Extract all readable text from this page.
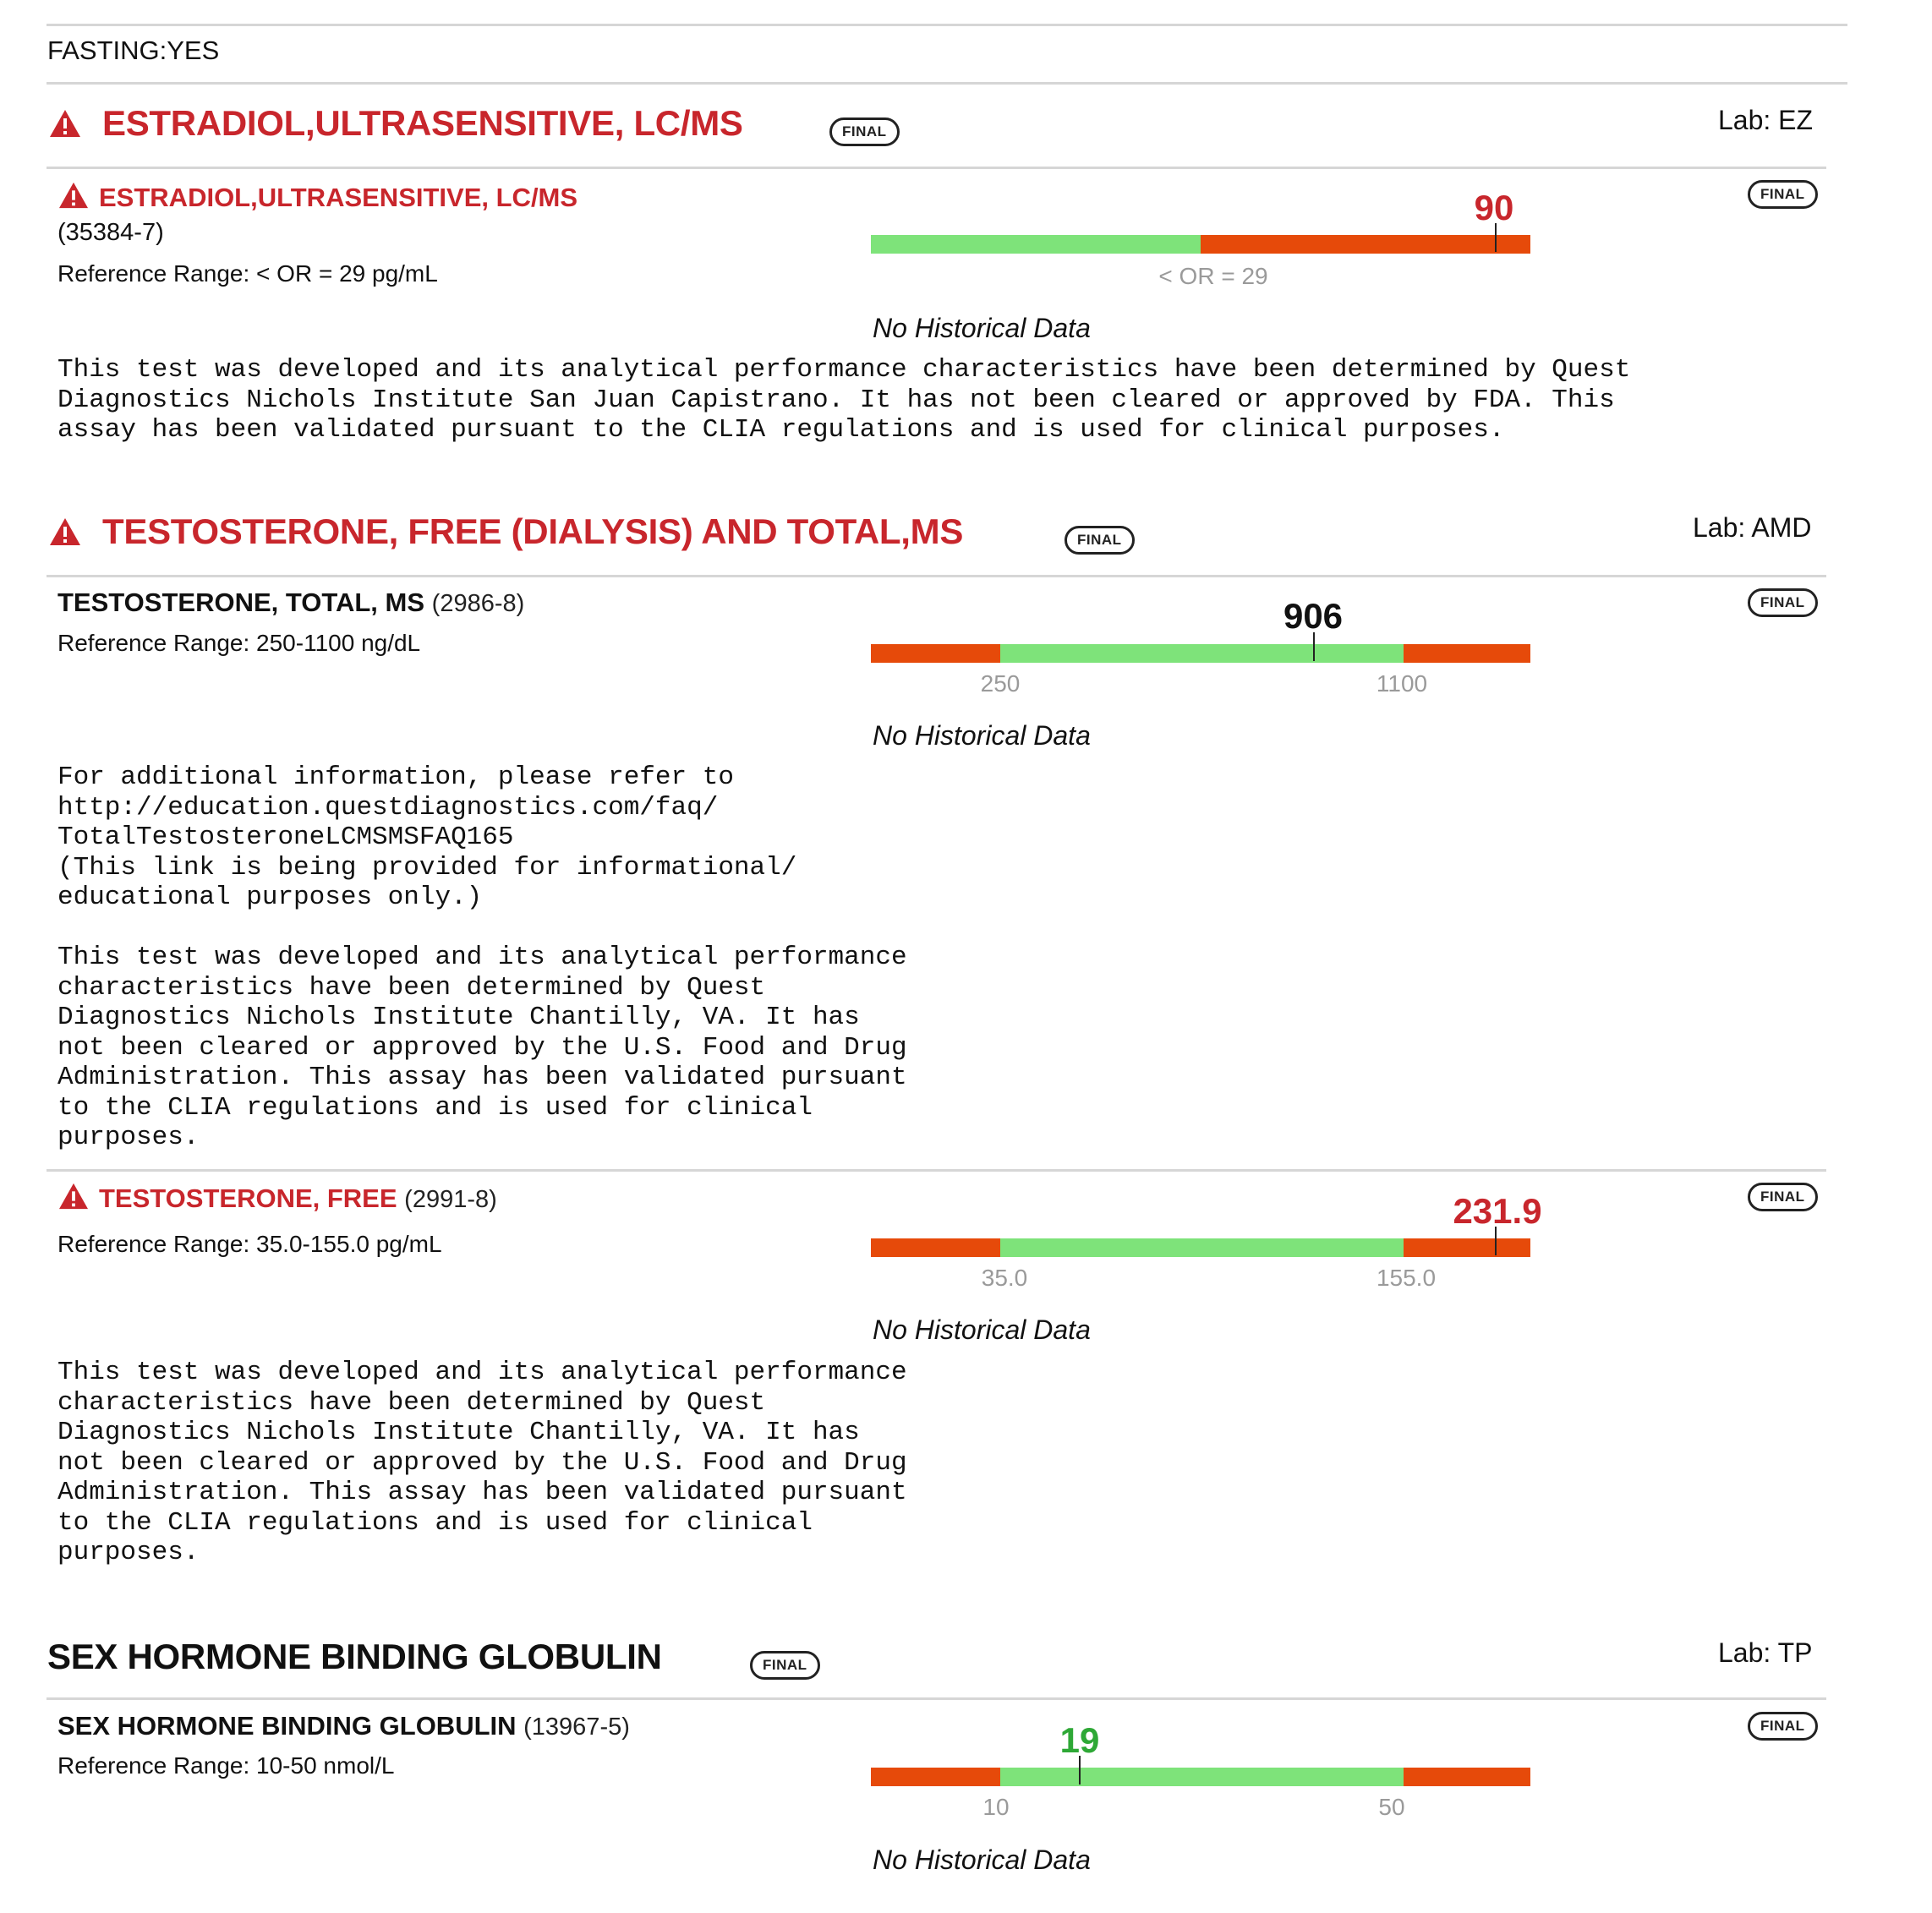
FASTING:YES
ESTRADIOL,ULTRASENSITIVE, LC/MS	FINAL	Lab: EZ
ESTRADIOL,ULTRASENSITIVE, LC/MS
(35384-7)
Reference Range: < OR = 29 pg/mL
FINAL
90
< OR = 29
No Historical Data
This test was developed and its analytical performance characteristics have been determined by Quest
Diagnostics Nichols Institute San Juan Capistrano. It has not been cleared or approved by FDA. This
assay has been validated pursuant to the CLIA regulations and is used for clinical purposes.
TESTOSTERONE, FREE (DIALYSIS) AND TOTAL,MS	FINAL	Lab: AMD
TESTOSTERONE, TOTAL, MS (2986-8)
Reference Range: 250-1100 ng/dL
FINAL
906
250	1100
No Historical Data
For additional information, please refer to
http://education.questdiagnostics.com/faq/
TotalTestosteroneLCMSMSFAQ165
(This link is being provided for informational/
educational purposes only.)

This test was developed and its analytical performance
characteristics have been determined by Quest
Diagnostics Nichols Institute Chantilly, VA. It has
not been cleared or approved by the U.S. Food and Drug
Administration. This assay has been validated pursuant
to the CLIA regulations and is used for clinical
purposes.
TESTOSTERONE, FREE (2991-8)
Reference Range: 35.0-155.0 pg/mL
FINAL
231.9
35.0	155.0
No Historical Data
This test was developed and its analytical performance
characteristics have been determined by Quest
Diagnostics Nichols Institute Chantilly, VA. It has
not been cleared or approved by the U.S. Food and Drug
Administration. This assay has been validated pursuant
to the CLIA regulations and is used for clinical
purposes.
SEX HORMONE BINDING GLOBULIN	FINAL	Lab: TP
SEX HORMONE BINDING GLOBULIN (13967-5)
Reference Range: 10-50 nmol/L
FINAL
19
10	50
No Historical Data
